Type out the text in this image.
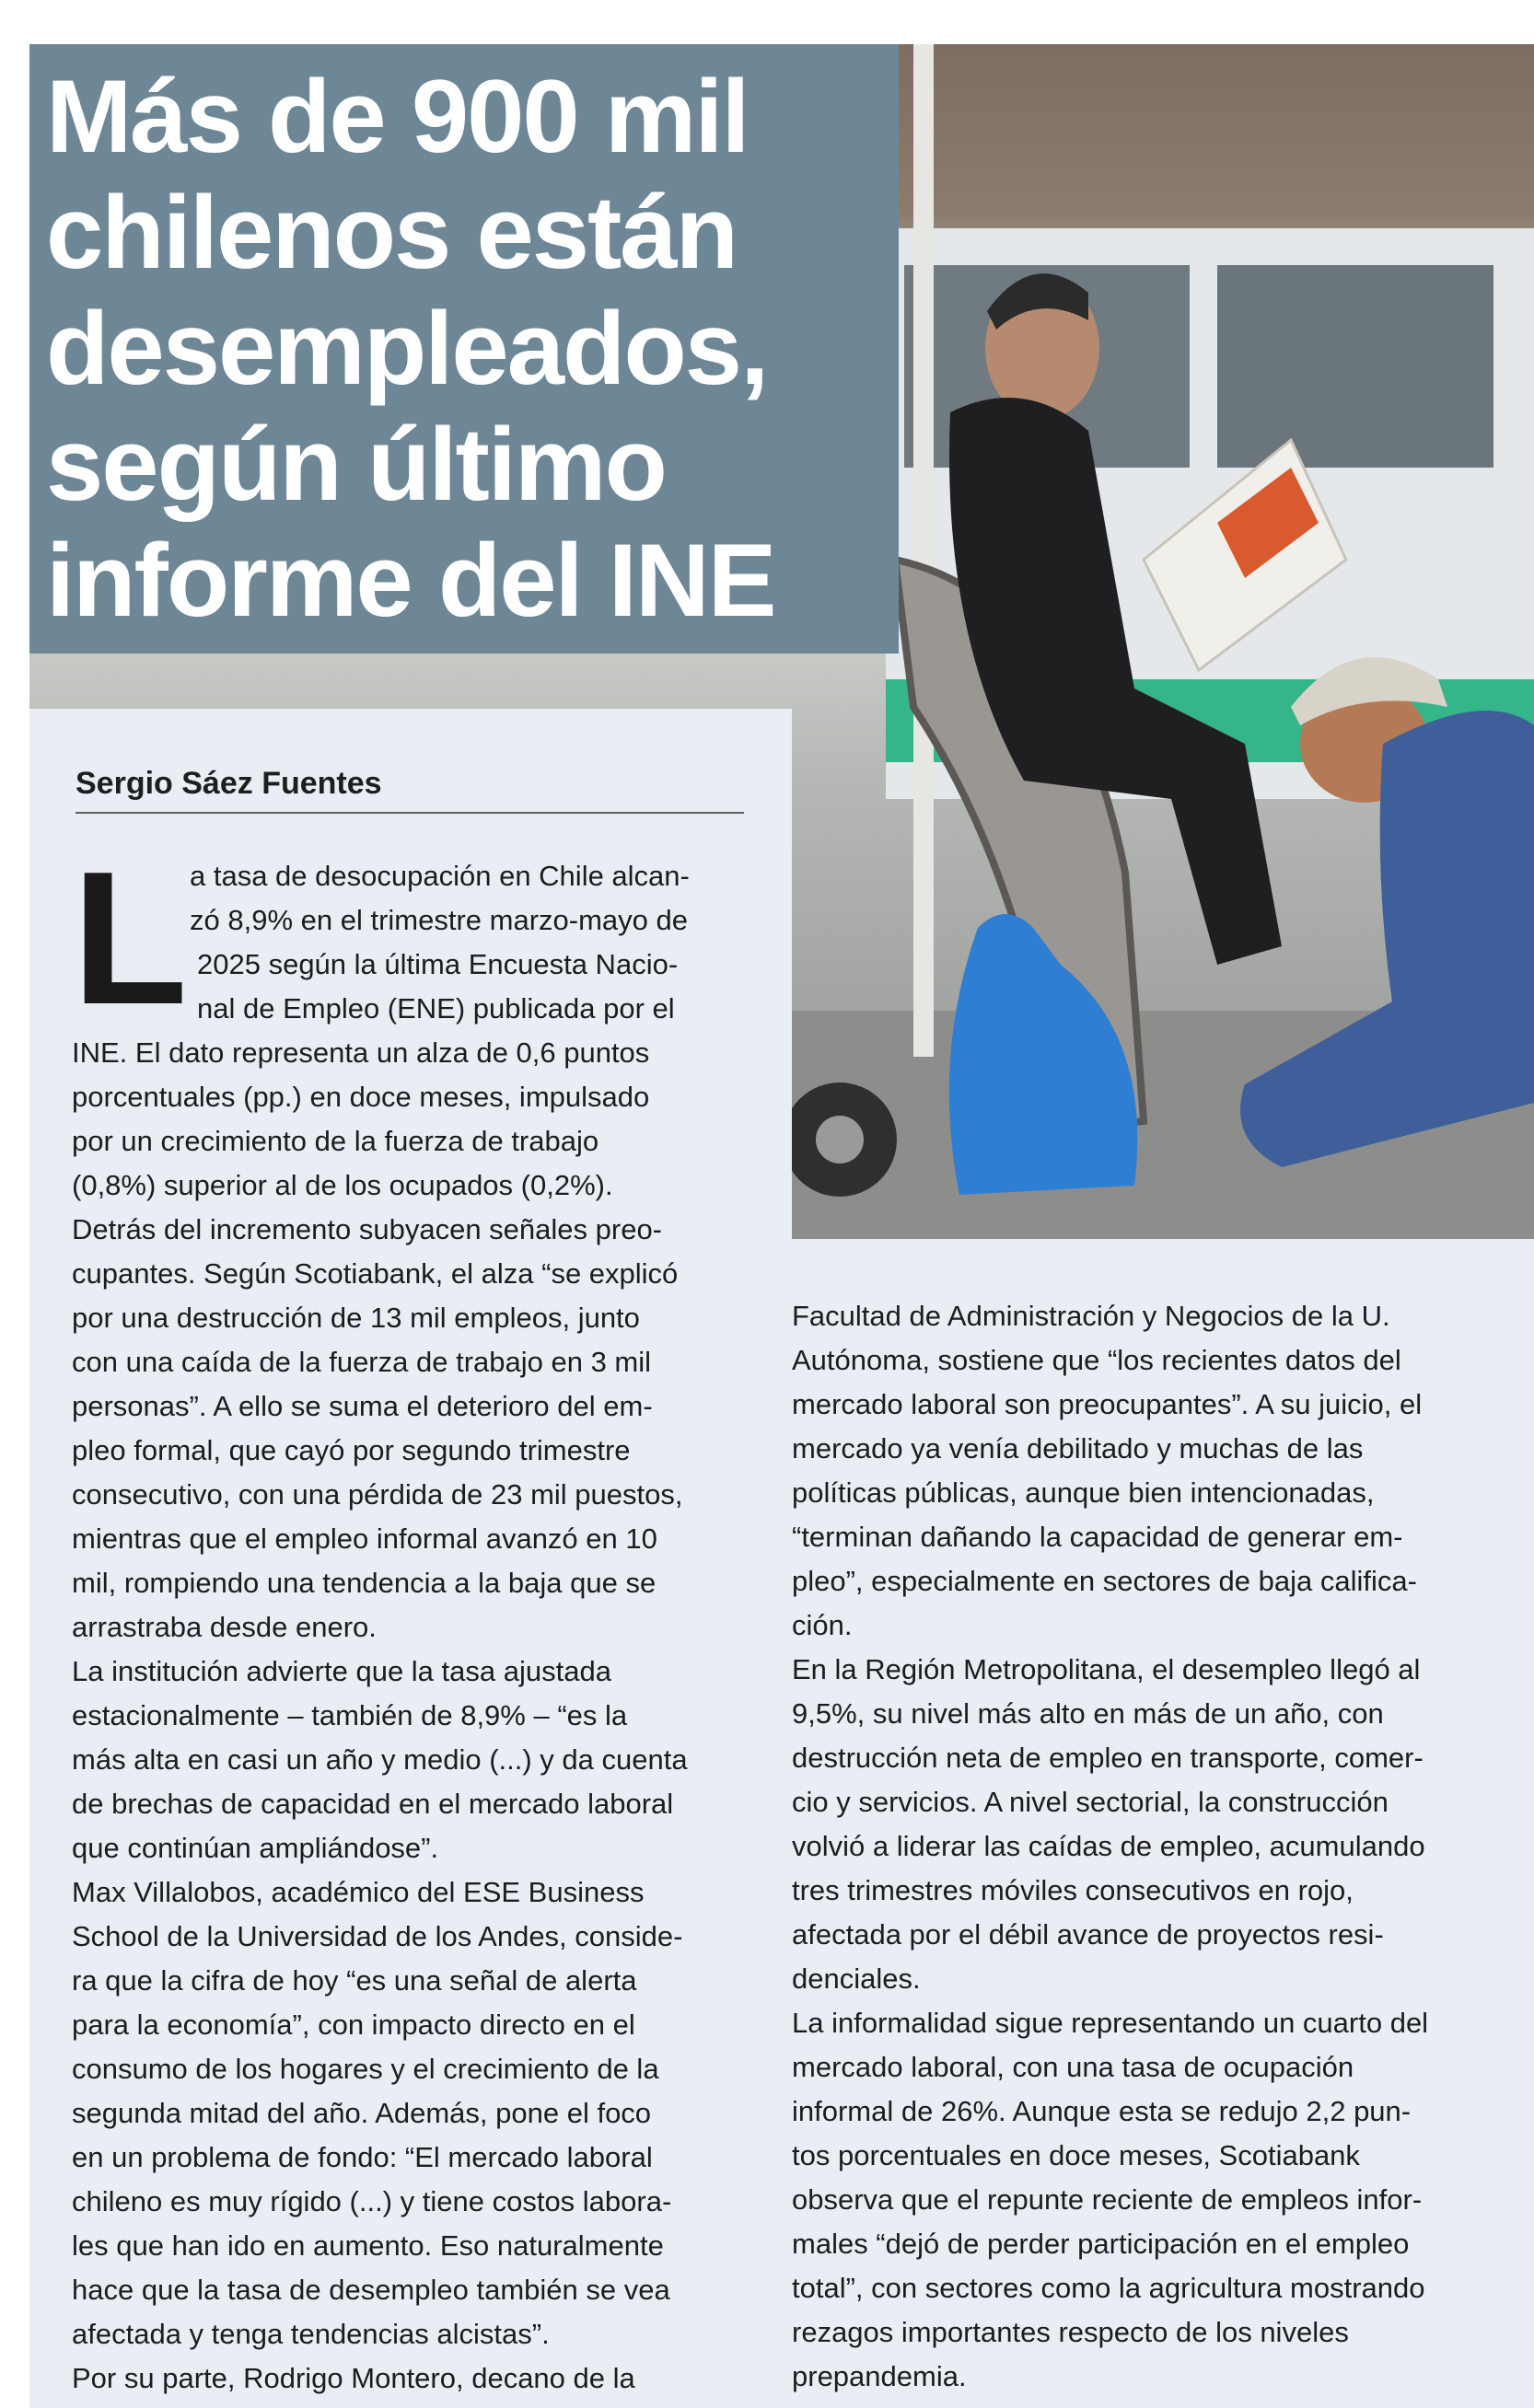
Más de 900 mil
chilenos están
desempleados,
según último
informe del INE
Sergio Sáez Fuentes
L a tasa de desocupación en Chile alcan-
zó 8,9% en el trimestre marzo-mayo de
2025 según la última Encuesta Nacio-
nal de Empleo (ENE) publicada por el
INE. El dato representa un alza de 0,6 puntos
porcentuales (pp.) en doce meses, impulsado
por un crecimiento de la fuerza de trabajo
(0,8%) superior al de los ocupados (0,2%).
Detrás del incremento subyacen señales preo-
cupantes. Según Scotiabank, el alza “se explicó
por una destrucción de 13 mil empleos, junto
con una caída de la fuerza de trabajo en 3 mil
personas”. A ello se suma el deterioro del em-
pleo formal, que cayó por segundo trimestre
consecutivo, con una pérdida de 23 mil puestos,
mientras que el empleo informal avanzó en 10
mil, rompiendo una tendencia a la baja que se
arrastraba desde enero.
La institución advierte que la tasa ajustada
estacionalmente – también de 8,9% – “es la
más alta en casi un año y medio (...) y da cuenta
de brechas de capacidad en el mercado laboral
que continúan ampliándose”.
Max Villalobos, académico del ESE Business
School de la Universidad de los Andes, conside-
ra que la cifra de hoy “es una señal de alerta
para la economía”, con impacto directo en el
consumo de los hogares y el crecimiento de la
segunda mitad del año. Además, pone el foco
en un problema de fondo: “El mercado laboral
chileno es muy rígido (...) y tiene costos labora-
les que han ido en aumento. Eso naturalmente
hace que la tasa de desempleo también se vea
afectada y tenga tendencias alcistas”.
Por su parte, Rodrigo Montero, decano de la
Facultad de Administración y Negocios de la U.
Autónoma, sostiene que “los recientes datos del
mercado laboral son preocupantes”. A su juicio, el
mercado ya venía debilitado y muchas de las
políticas públicas, aunque bien intencionadas,
“terminan dañando la capacidad de generar em-
pleo”, especialmente en sectores de baja califica-
ción.
En la Región Metropolitana, el desempleo llegó al
9,5%, su nivel más alto en más de un año, con
destrucción neta de empleo en transporte, comer-
cio y servicios. A nivel sectorial, la construcción
volvió a liderar las caídas de empleo, acumulando
tres trimestres móviles consecutivos en rojo,
afectada por el débil avance de proyectos resi-
denciales.
La informalidad sigue representando un cuarto del
mercado laboral, con una tasa de ocupación
informal de 26%. Aunque esta se redujo 2,2 pun-
tos porcentuales en doce meses, Scotiabank
observa que el repunte reciente de empleos infor-
males “dejó de perder participación en el empleo
total”, con sectores como la agricultura mostrando
rezagos importantes respecto de los niveles
prepandemia.
